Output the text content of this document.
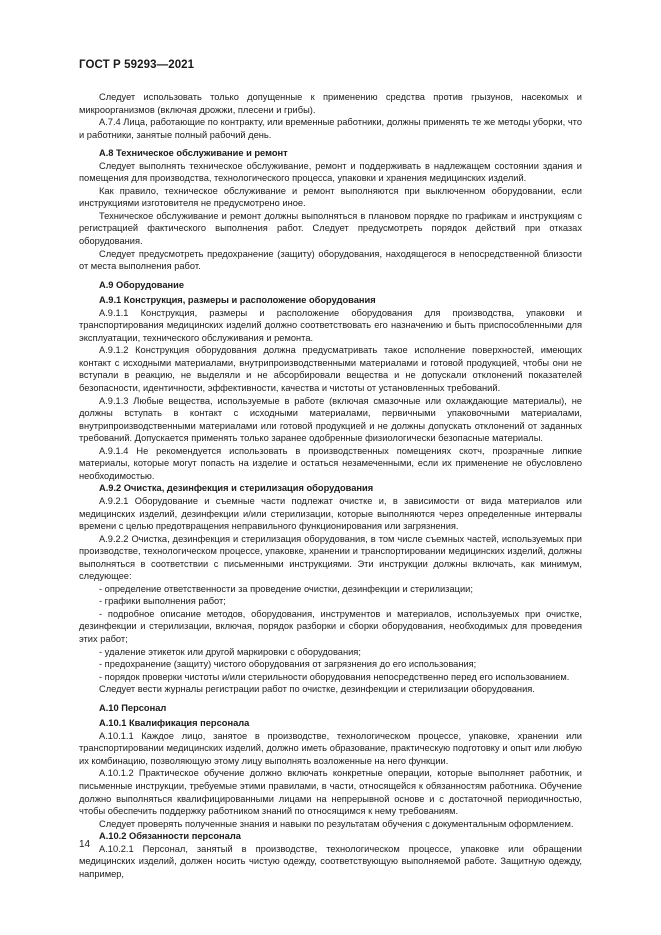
ГОСТ Р 59293—2021

Следует использовать только допущенные к применению средства против грызунов, насекомых и микроорганизмов (включая дрожжи, плесени и грибы).

А.7.4 Лица, работающие по контракту, или временные работники, должны применять те же методы уборки, что и работники, занятые полный рабочий день.

А.8 Техническое обслуживание и ремонт

Следует выполнять техническое обслуживание, ремонт и поддерживать в надлежащем состоянии здания и помещения для производства, технологического процесса, упаковки и хранения медицинских изделий.

Как правило, техническое обслуживание и ремонт выполняются при выключенном оборудовании, если инструкциями изготовителя не предусмотрено иное.

Техническое обслуживание и ремонт должны выполняться в плановом порядке по графикам и инструкциям с регистрацией фактического выполнения работ. Следует предусмотреть порядок действий при отказах оборудования.

Следует предусмотреть предохранение (защиту) оборудования, находящегося в непосредственной близости от места выполнения работ.

А.9 Оборудование

А.9.1 Конструкция, размеры и расположение оборудования

А.9.1.1 Конструкция, размеры и расположение оборудования для производства, упаковки и транспортирования медицинских изделий должно соответствовать его назначению и быть приспособленными для эксплуатации, технического обслуживания и ремонта.

А.9.1.2 Конструкция оборудования должна предусматривать такое исполнение поверхностей, имеющих контакт с исходными материалами, внутрипроизводственными материалами и готовой продукцией, чтобы они не вступали в реакцию, не выделяли и не абсорбировали вещества и не допускали отклонений показателей безопасности, идентичности, эффективности, качества и чистоты от установленных требований.

А.9.1.3 Любые вещества, используемые в работе (включая смазочные или охлаждающие материалы), не должны вступать в контакт с исходными материалами, первичными упаковочными материалами, внутрипроизводственными материалами или готовой продукцией и не должны допускать отклонений от заданных требований. Допускается применять только заранее одобренные физиологически безопасные материалы.

А.9.1.4 Не рекомендуется использовать в производственных помещениях скотч, прозрачные липкие материалы, которые могут попасть на изделие и остаться незамеченными, если их применение не обусловлено необходимостью.

А.9.2 Очистка, дезинфекция и стерилизация оборудования

А.9.2.1 Оборудование и съемные части подлежат очистке и, в зависимости от вида материалов или медицинских изделий, дезинфекции и/или стерилизации, которые выполняются через определенные интервалы времени с целью предотвращения неправильного функционирования или загрязнения.

А.9.2.2 Очистка, дезинфекция и стерилизация оборудования, в том числе съемных частей, используемых при производстве, технологическом процессе, упаковке, хранении и транспортировании медицинских изделий, должны выполняться в соответствии с письменными инструкциями. Эти инструкции должны включать, как минимум, следующее:

- определение ответственности за проведение очистки, дезинфекции и стерилизации;

- графики выполнения работ;

- подробное описание методов, оборудования, инструментов и материалов, используемых при очистке, дезинфекции и стерилизации, включая, порядок разборки и сборки оборудования, необходимых для проведения этих работ;

- удаление этикеток или другой маркировки с оборудования;

- предохранение (защиту) чистого оборудования от загрязнения до его использования;

- порядок проверки чистоты и/или стерильности оборудования непосредственно перед его использованием.

Следует вести журналы регистрации работ по очистке, дезинфекции и стерилизации оборудования.

А.10 Персонал

А.10.1 Квалификация персонала

А.10.1.1 Каждое лицо, занятое в производстве, технологическом процессе, упаковке, хранении или транспортировании медицинских изделий, должно иметь образование, практическую подготовку и опыт или любую их комбинацию, позволяющую этому лицу выполнять возложенные на него функции.

А.10.1.2 Практическое обучение должно включать конкретные операции, которые выполняет работник, и письменные инструкции, требуемые этими правилами, в части, относящейся к обязанностям работника. Обучение должно выполняться квалифицированными лицами на непрерывной основе и с достаточной периодичностью, чтобы обеспечить поддержку работником знаний по относящимся к нему требованиям.

Следует проверять полученные знания и навыки по результатам обучения с документальным оформлением.

А.10.2 Обязанности персонала

А.10.2.1 Персонал, занятый в производстве, технологическом процессе, упаковке или обращении медицинских изделий, должен носить чистую одежду, соответствующую выполняемой работе. Защитную одежду, например,

14
